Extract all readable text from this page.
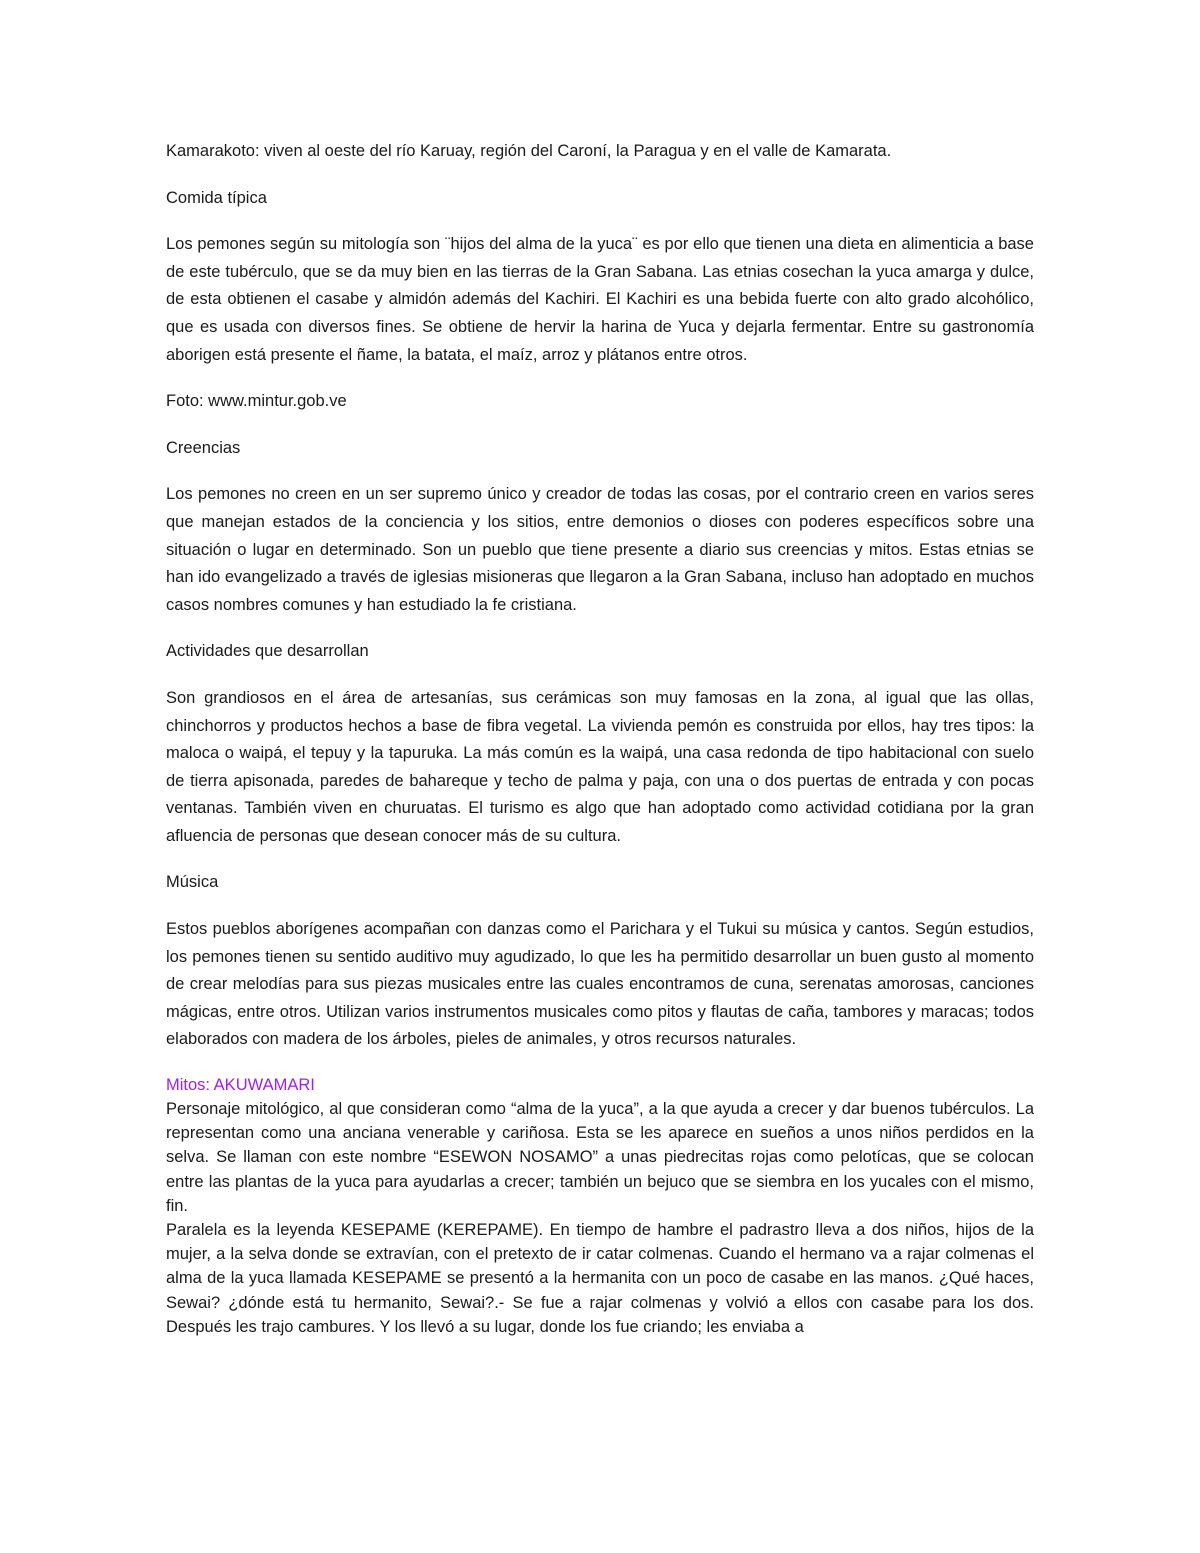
Kamarakoto: viven al oeste del río Karuay, región del Caroní, la Paragua y en el valle de Kamarata.

Comida típica

Los pemones según su mitología son ¨hijos del alma de la yuca¨ es por ello que tienen una dieta en alimenticia a base de este tubérculo, que se da muy bien en las tierras de la Gran Sabana. Las etnias cosechan la yuca amarga y dulce, de esta obtienen el casabe y almidón además del Kachiri. El Kachiri es una bebida fuerte con alto grado alcohólico, que es usada con diversos fines. Se obtiene de hervir la harina de Yuca y dejarla fermentar. Entre su gastronomía aborigen está presente el ñame, la batata, el maíz, arroz y plátanos entre otros.

Foto: www.mintur.gob.ve

Creencias

Los pemones no creen en un ser supremo único y creador de todas las cosas, por el contrario creen en varios seres que manejan estados de la conciencia y los sitios, entre demonios o dioses con poderes específicos sobre una situación o lugar en determinado. Son un pueblo que tiene presente a diario sus creencias y mitos. Estas etnias se han ido evangelizado a través de iglesias misioneras que llegaron a la Gran Sabana, incluso han adoptado en muchos casos nombres comunes y han estudiado la fe cristiana.

Actividades que desarrollan

Son grandiosos en el área de artesanías, sus cerámicas son muy famosas en la zona, al igual que las ollas, chinchorros y productos hechos a base de fibra vegetal. La vivienda pemón es construida por ellos, hay tres tipos: la maloca o waipá, el tepuy y la tapuruka. La más común es la waipá, una casa redonda de tipo habitacional con suelo de tierra apisonada, paredes de bahareque y techo de palma y paja, con una o dos puertas de entrada y con pocas ventanas. También viven en churuatas. El turismo es algo que han adoptado como actividad cotidiana por la gran afluencia de personas que desean conocer más de su cultura.

Música

Estos pueblos aborígenes acompañan con danzas como el Parichara y el Tukui su música y cantos. Según estudios, los pemones tienen su sentido auditivo muy agudizado, lo que les ha permitido desarrollar un buen gusto al momento de crear melodías para sus piezas musicales entre las cuales encontramos de cuna, serenatas amorosas, canciones mágicas, entre otros. Utilizan varios instrumentos musicales como pitos y flautas de caña, tambores y maracas; todos elaborados con madera de los árboles, pieles de animales, y otros recursos naturales.

Mitos: AKUWAMARI

Personaje mitológico, al que consideran como “alma de la yuca”, a la que ayuda a crecer y dar buenos tubérculos. La representan como una anciana venerable y cariñosa. Esta se les aparece en sueños a unos niños perdidos en la selva. Se llaman con este nombre “ESEWON NOSAMO” a unas piedrecitas rojas como pelotícas, que se colocan entre las plantas de la yuca para ayudarlas a crecer; también un bejuco que se siembra en los yucales con el mismo, fin.

Paralela es la leyenda KESEPAME (KEREPAME). En tiempo de hambre el padrastro lleva a dos niños, hijos de la mujer, a la selva donde se extravían, con el pretexto de ir catar colmenas. Cuando el hermano va a rajar colmenas el alma de la yuca llamada KESEPAME se presentó a la hermanita con un poco de casabe en las manos. ¿Qué haces, Sewai? ¿dónde está tu hermanito, Sewai?.- Se fue a rajar colmenas y volvió a ellos con casabe para los dos. Después les trajo cambures. Y los llevó a su lugar, donde los fue criando; les enviaba a
